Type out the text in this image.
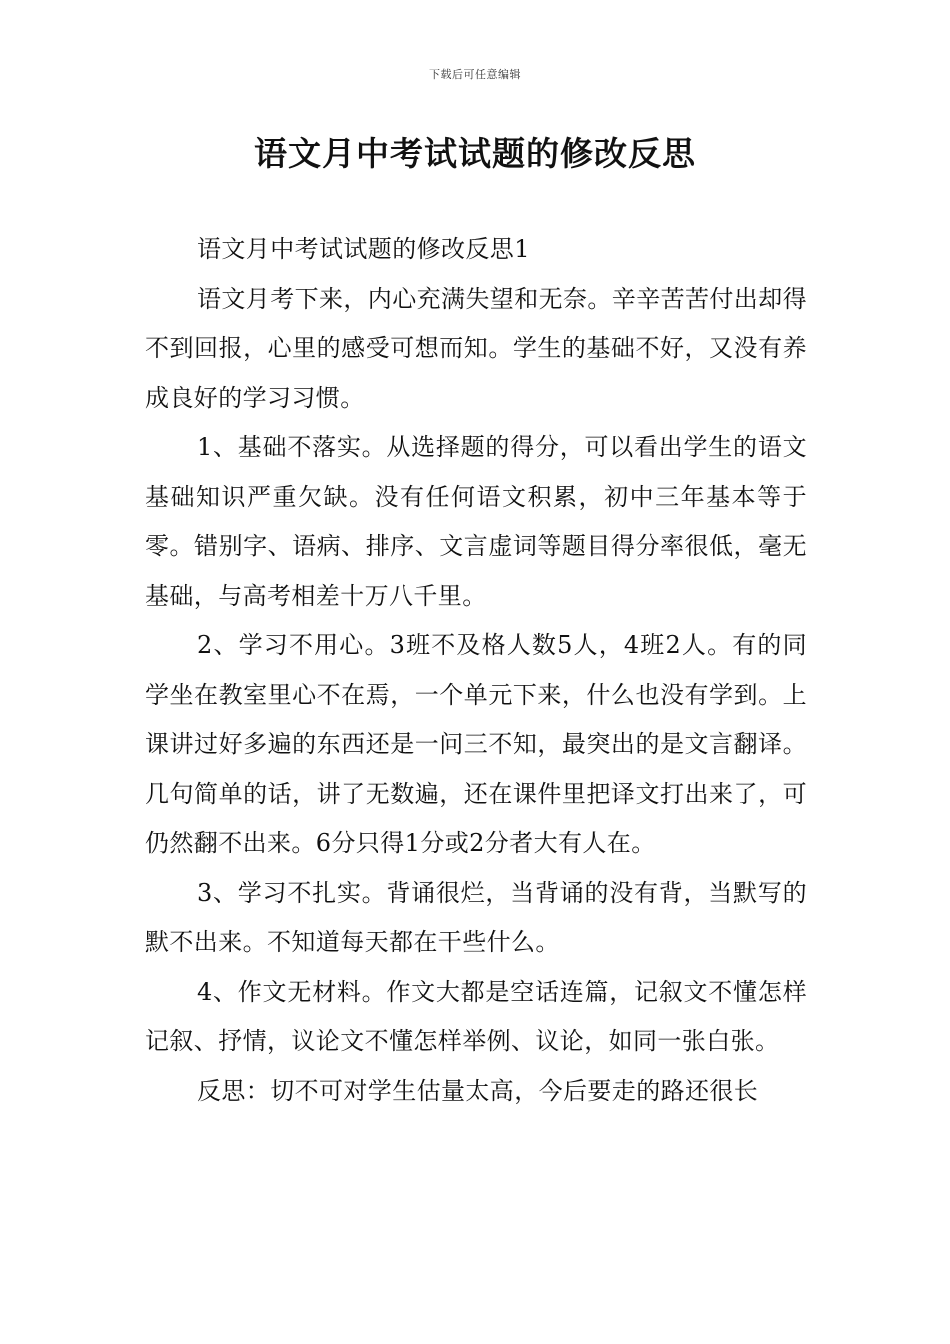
下载后可任意编辑
语文月中考试试题的修改反思

语文月中考试试题的修改反思1

语文月考下来，内心充满失望和无奈。辛辛苦苦付出却得不到回报，心里的感受可想而知。学生的基础不好，又没有养成良好的学习习惯。

1、基础不落实。从选择题的得分，可以看出学生的语文基础知识严重欠缺。没有任何语文积累，初中三年基本等于零。错别字、语病、排序、文言虚词等题目得分率很低，毫无基础，与高考相差十万八千里。

2、学习不用心。3班不及格人数5人，4班2人。有的同学坐在教室里心不在焉，一个单元下来，什么也没有学到。上课讲过好多遍的东西还是一问三不知，最突出的是文言翻译。几句简单的话，讲了无数遍，还在课件里把译文打出来了，可仍然翻不出来。6分只得1分或2分者大有人在。

3、学习不扎实。背诵很烂，当背诵的没有背，当默写的默不出来。不知道每天都在干些什么。

4、作文无材料。作文大都是空话连篇，记叙文不懂怎样记叙、抒情，议论文不懂怎样举例、议论，如同一张白张。

反思：切不可对学生估量太高，今后要走的路还很长
